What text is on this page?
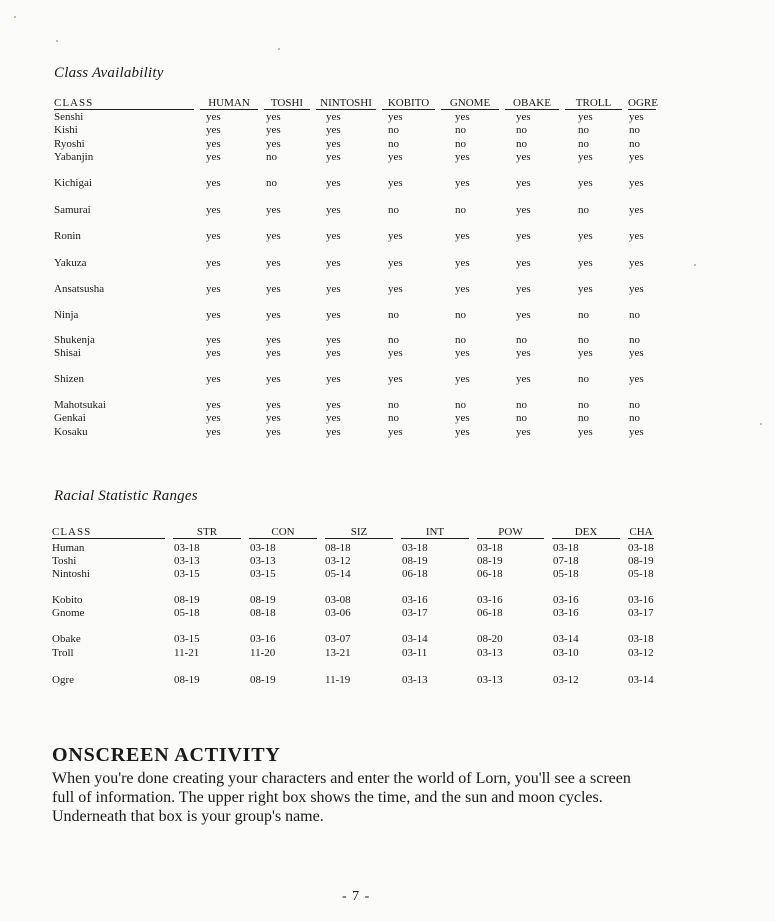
Class Availability
CLASS	HUMAN	TOSHI	NINTOSHI	KOBITO	GNOME	OBAKE	TROLL	OGRE
Senshi	yes	yes	yes	yes	yes	yes	yes	yes
Kishi	yes	yes	yes	no	no	no	no	no
Ryoshi	yes	yes	yes	no	no	no	no	no
Yabanjin	yes	no	yes	yes	yes	yes	yes	yes
Kichigai	yes	no	yes	yes	yes	yes	yes	yes
Samurai	yes	yes	yes	no	no	yes	no	yes
Ronin	yes	yes	yes	yes	yes	yes	yes	yes
Yakuza	yes	yes	yes	yes	yes	yes	yes	yes
Ansatsusha	yes	yes	yes	yes	yes	yes	yes	yes
Ninja	yes	yes	yes	no	no	yes	no	no
Shukenja	yes	yes	yes	no	no	no	no	no
Shisai	yes	yes	yes	yes	yes	yes	yes	yes
Shizen	yes	yes	yes	yes	yes	yes	no	yes
Mahotsukai	yes	yes	yes	no	no	no	no	no
Genkai	yes	yes	yes	no	yes	no	no	no
Kosaku	yes	yes	yes	yes	yes	yes	yes	yes
Racial Statistic Ranges
CLASS	STR	CON	SIZ	INT	POW	DEX	CHA
Human	03-18	03-18	08-18	03-18	03-18	03-18	03-18
Toshi	03-13	03-13	03-12	08-19	08-19	07-18	08-19
Nintoshi	03-15	03-15	05-14	06-18	06-18	05-18	05-18
Kobito	08-19	08-19	03-08	03-16	03-16	03-16	03-16
Gnome	05-18	08-18	03-06	03-17	06-18	03-16	03-17
Obake	03-15	03-16	03-07	03-14	08-20	03-14	03-18
Troll	11-21	11-20	13-21	03-11	03-13	03-10	03-12
Ogre	08-19	08-19	11-19	03-13	03-13	03-12	03-14
ONSCREEN ACTIVITY
When you're done creating your characters and enter the world of Lorn, you'll see a screen
full of information. The upper right box shows the time, and the sun and moon cycles.
Underneath that box is your group's name.
- 7 -
